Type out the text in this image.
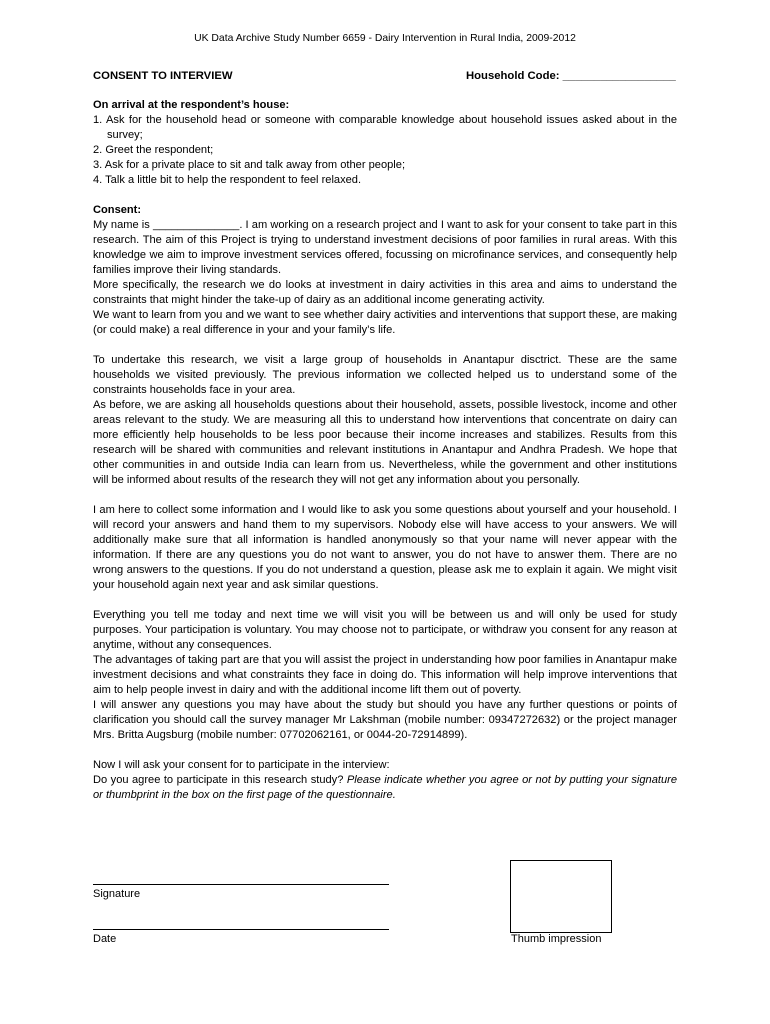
UK Data Archive Study Number 6659 - Dairy Intervention in Rural India, 2009-2012
CONSENT TO INTERVIEW	Household Code: __________________

On arrival at the respondent’s house:

1. Ask for the household head or someone with comparable knowledge about household issues asked about in the survey;

2. Greet the respondent;

3. Ask for a private place to sit and talk away from other people;

4. Talk a little bit to help the respondent to feel relaxed.

Consent:

My name is ______________. I am working on a research project and I want to ask for your consent to take part in this research. The aim of this Project is trying to understand investment decisions of poor families in rural areas. With this knowledge we aim to improve investment services offered, focussing on microfinance services, and consequently help families improve their living standards.

More specifically, the research we do looks at investment in dairy activities in this area and aims to understand the constraints that might hinder the take-up of dairy as an additional income generating activity.

We want to learn from you and we want to see whether dairy activities and interventions that support these, are making (or could make) a real difference in your and your family’s life.

To undertake this research, we visit a large group of households in Anantapur disctrict. These are the same households we visited previously. The previous information we collected helped us to understand some of the constraints households face in your area.

As before, we are asking all households questions about their household, assets, possible livestock, income and other areas relevant to the study. We are measuring all this to understand how interventions that concentrate on dairy can more efficiently help households to be less poor because their income increases and stabilizes. Results from this research will be shared with communities and relevant institutions in Anantapur and Andhra Pradesh. We hope that other communities in and outside India can learn from us. Nevertheless, while the government and other institutions will be informed about results of the research they will not get any information about you personally.

I am here to collect some information and I would like to ask you some questions about yourself and your household. I will record your answers and hand them to my supervisors. Nobody else will have access to your answers. We will additionally make sure that all information is handled anonymously so that your name will never appear with the information. If there are any questions you do not want to answer, you do not have to answer them. There are no wrong answers to the questions. If you do not understand a question, please ask me to explain it again. We might visit your household again next year and ask similar questions.

Everything you tell me today and next time we will visit you will be between us and will only be used for study purposes. Your participation is voluntary. You may choose not to participate, or withdraw you consent for any reason at anytime, without any consequences.

The advantages of taking part are that you will assist the project in understanding how poor families in Anantapur make investment decisions and what constraints they face in doing do. This information will help improve interventions that aim to help people invest in dairy and with the additional income lift them out of poverty.

I will answer any questions you may have about the study but should you have any further questions or points of clarification you should call the survey manager Mr Lakshman (mobile number: 09347272632) or the project manager Mrs. Britta Augsburg (mobile number: 07702062161, or 0044-20-72914899).

Now I will ask your consent for to participate in the interview:

Do you agree to participate in this research study? Please indicate whether you agree or not by putting your signature or thumbprint in the box on the first page of the questionnaire.

Signature
Date	Thumb impression
